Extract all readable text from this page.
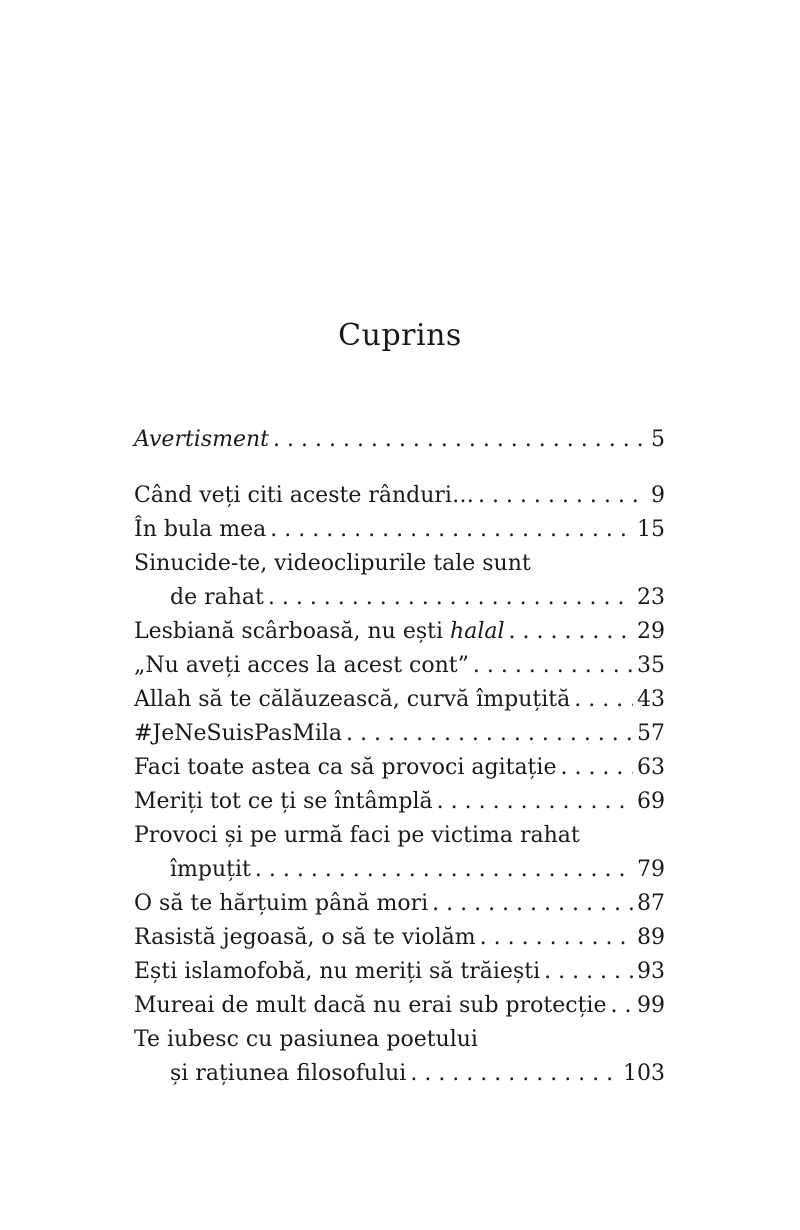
Cuprins
Avertisment . . .	5
Când veți citi aceste rânduri… . . .	9
În bula mea . . .	15
Sinucide-te, videoclipurile tale sunt
de rahat . . .	23
Lesbiană scârboasă, nu ești halal . . .	29
„Nu aveți acces la acest cont” . . .	35
Allah să te călăuzească, curvă împuțită . . .	43
#JeNeSuisPasMila . . .	57
Faci toate astea ca să provoci agitație . . .	63
Meriți tot ce ți se întâmplă . . .	69
Provoci și pe urmă faci pe victima rahat
împuțit . . .	79
O să te hărțuim până mori . . .	87
Rasistă jegoasă, o să te violăm . . .	89
Ești islamofobă, nu meriți să trăiești . . .	93
Mureai de mult dacă nu erai sub protecție . . . 99
Te iubesc cu pasiunea poetului
și rațiunea filosofului . . .	103
